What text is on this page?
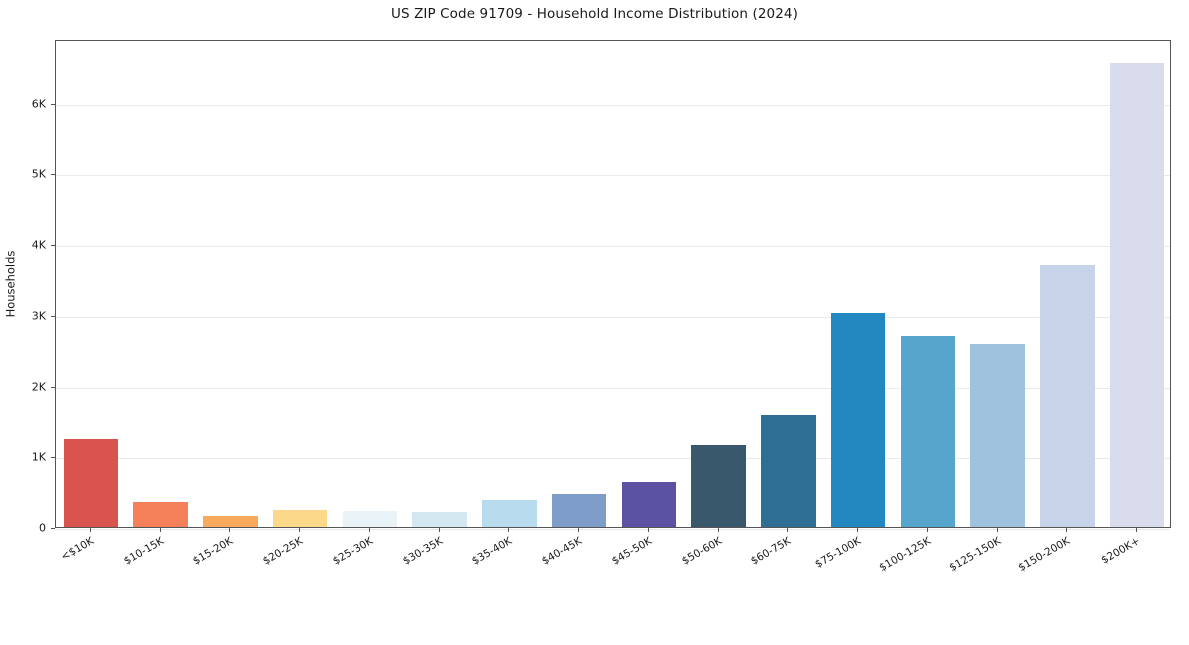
US ZIP Code 91709 - Household Income Distribution (2024)
Households
0
1K
2K
3K
4K
5K
6K
<$10K	$10-15K	$15-20K	$20-25K	$25-30K	$30-35K	$35-40K	$40-45K	$45-50K	$50-60K	$60-75K	$75-100K	$100-125K	$125-150K	$150-200K	$200K+
